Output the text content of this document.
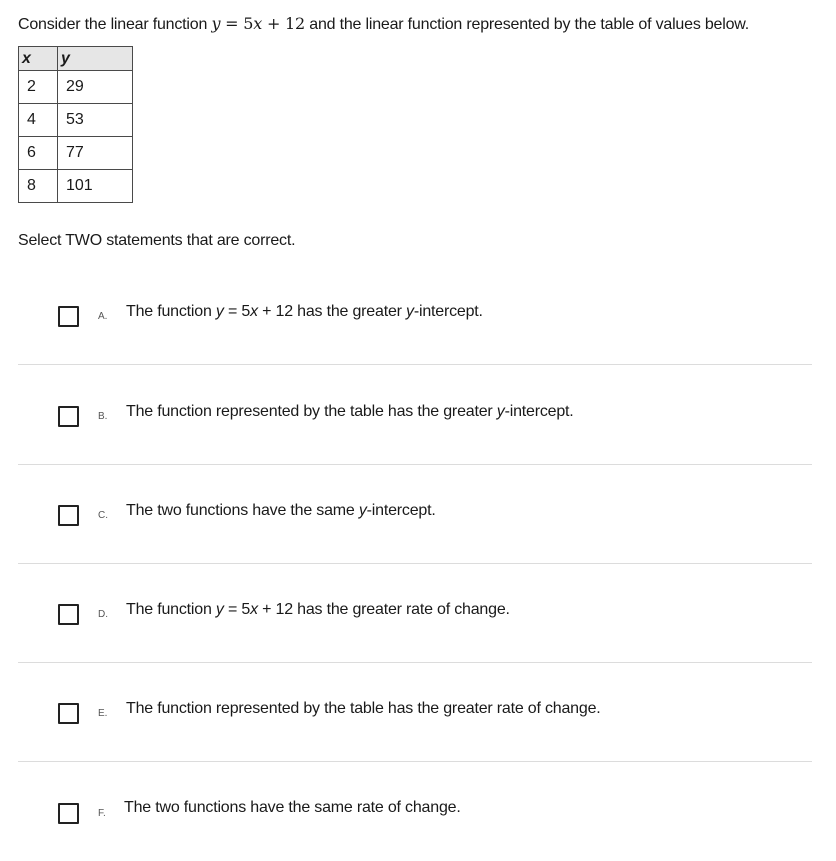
Consider the linear function y = 5x + 12 and the linear function represented by the table of values below.
x	y
2	29
4	53
6	77
8	101
Select TWO statements that are correct.
A. The function y = 5x + 12 has the greater y-intercept.
B. The function represented by the table has the greater y-intercept.
C. The two functions have the same y-intercept.
D. The function y = 5x + 12 has the greater rate of change.
E. The function represented by the table has the greater rate of change.
F. The two functions have the same rate of change.
